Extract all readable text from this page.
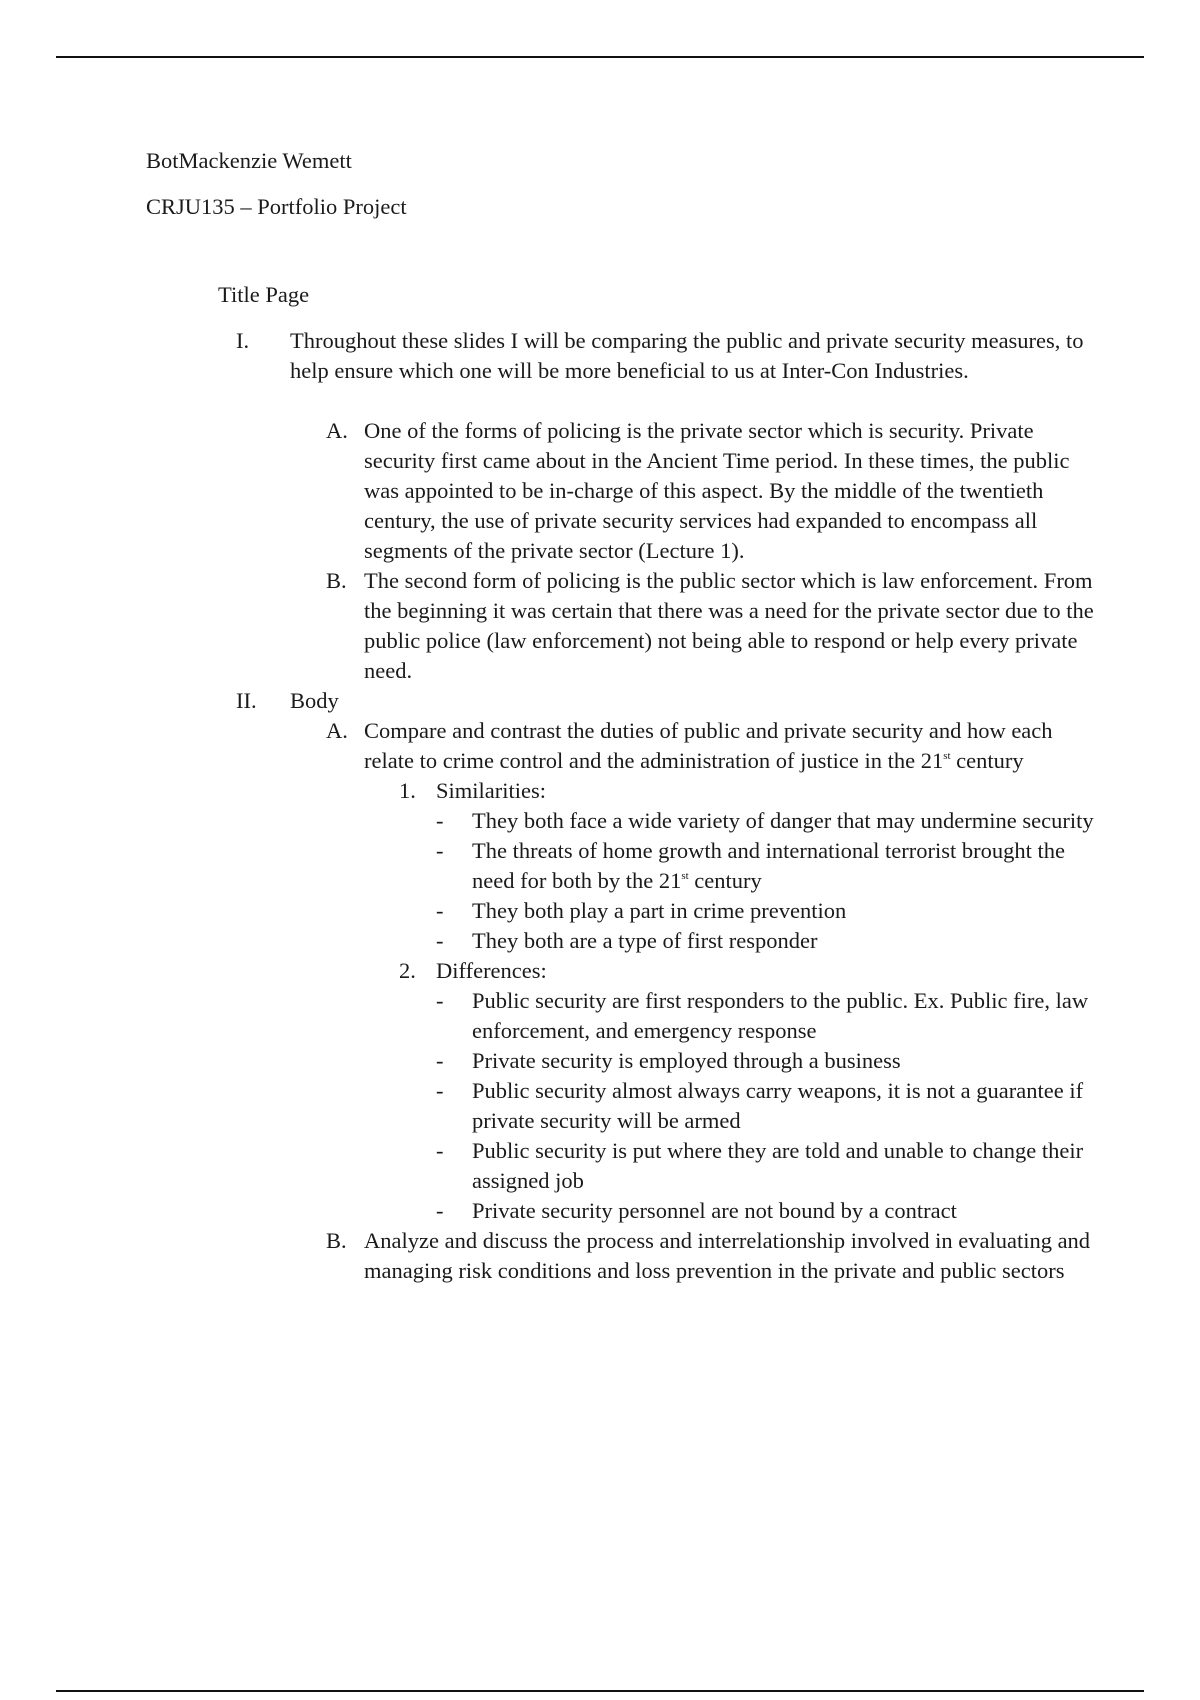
BotMackenzie Wemett
CRJU135 – Portfolio Project
Title Page
I. Throughout these slides I will be comparing the public and private security measures, to help ensure which one will be more beneficial to us at Inter-Con Industries.
A. One of the forms of policing is the private sector which is security. Private security first came about in the Ancient Time period. In these times, the public was appointed to be in-charge of this aspect. By the middle of the twentieth century, the use of private security services had expanded to encompass all segments of the private sector (Lecture 1).
B. The second form of policing is the public sector which is law enforcement. From the beginning it was certain that there was a need for the private sector due to the public police (law enforcement) not being able to respond or help every private need.
II. Body
A. Compare and contrast the duties of public and private security and how each relate to crime control and the administration of justice in the 21st century
1. Similarities:
- They both face a wide variety of danger that may undermine security
- The threats of home growth and international terrorist brought the need for both by the 21st century
- They both play a part in crime prevention
- They both are a type of first responder
2. Differences:
- Public security are first responders to the public. Ex. Public fire, law enforcement, and emergency response
- Private security is employed through a business
- Public security almost always carry weapons, it is not a guarantee if private security will be armed
- Public security is put where they are told and unable to change their assigned job
- Private security personnel are not bound by a contract
B. Analyze and discuss the process and interrelationship involved in evaluating and managing risk conditions and loss prevention in the private and public sectors
